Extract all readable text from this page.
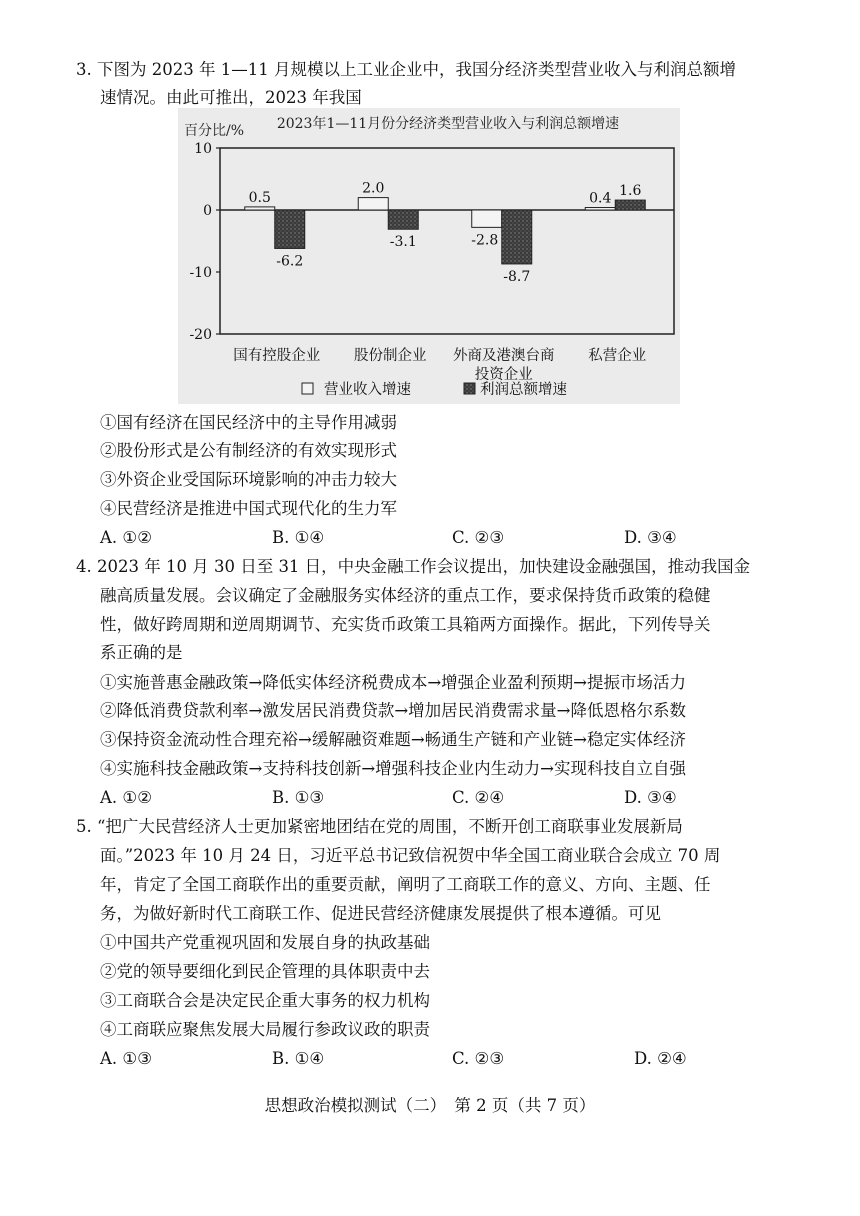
3. 下图为 2023 年 1—11 月规模以上工业企业中，我国分经济类型营业收入与利润总额增
速情况。由此可推出，2023 年我国
2023年1—11月份分经济类型营业收入与利润总额增速
百分比/%
10
0
-10
-20
0.5
-6.2
国有控股企业
2.0
-3.1
股份制企业
-2.8
-8.7
外商及港澳台商
投资企业
0.4 1.6
私营企业
营业收入增速	利润总额增速
①国有经济在国民经济中的主导作用减弱
②股份形式是公有制经济的有效实现形式
③外资企业受国际环境影响的冲击力较大
④民营经济是推进中国式现代化的生力军
A. ①②	B. ①④	C. ②③	D. ③④
4. 2023 年 10 月 30 日至 31 日，中央金融工作会议提出，加快建设金融强国，推动我国金
融高质量发展。会议确定了金融服务实体经济的重点工作，要求保持货币政策的稳健
性，做好跨周期和逆周期调节、充实货币政策工具箱两方面操作。据此，下列传导关
系正确的是
①实施普惠金融政策→降低实体经济税费成本→增强企业盈利预期→提振市场活力
②降低消费贷款利率→激发居民消费贷款→增加居民消费需求量→降低恩格尔系数
③保持资金流动性合理充裕→缓解融资难题→畅通生产链和产业链→稳定实体经济
④实施科技金融政策→支持科技创新→增强科技企业内生动力→实现科技自立自强
A. ①②	B. ①③	C. ②④	D. ③④
5. “把广大民营经济人士更加紧密地团结在党的周围，不断开创工商联事业发展新局
面。”2023 年 10 月 24 日，习近平总书记致信祝贺中华全国工商业联合会成立 70 周
年，肯定了全国工商联作出的重要贡献，阐明了工商联工作的意义、方向、主题、任
务，为做好新时代工商联工作、促进民营经济健康发展提供了根本遵循。可见
①中国共产党重视巩固和发展自身的执政基础
②党的领导要细化到民企管理的具体职责中去
③工商联合会是决定民企重大事务的权力机构
④工商联应聚焦发展大局履行参政议政的职责
A. ①③	B. ①④	C. ②③	D. ②④
思想政治模拟测试（二）　第 2 页（共 7 页）
